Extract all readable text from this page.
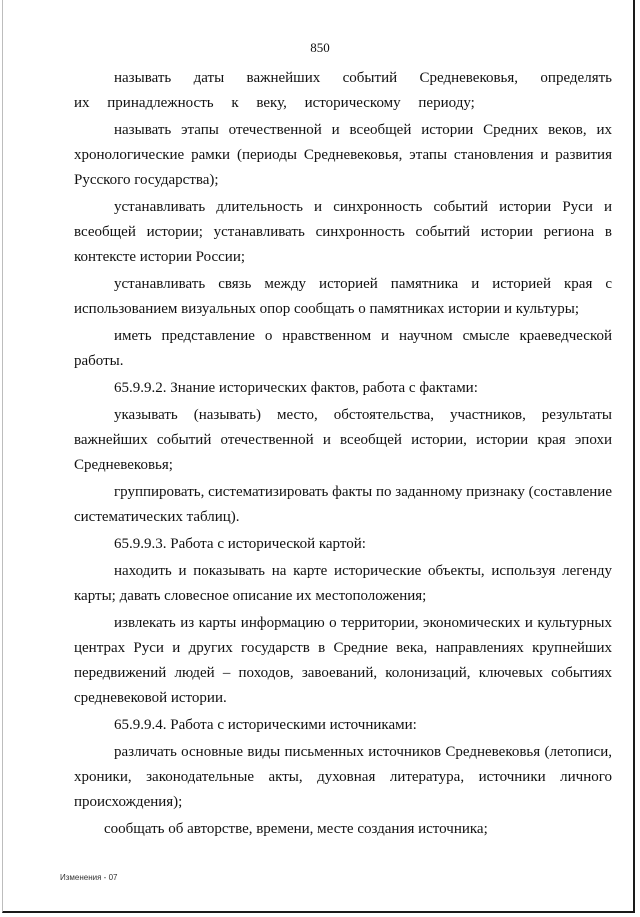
850

называть даты важнейших событий Средневековья, определять их принадлежность к веку, историческому периоду;

называть этапы отечественной и всеобщей истории Средних веков, их хронологические рамки (периоды Средневековья, этапы становления и развития Русского государства);

устанавливать длительность и синхронность событий истории Руси и всеобщей истории; устанавливать синхронность событий истории региона в контексте истории России;

устанавливать связь между историей памятника и историей края с использованием визуальных опор сообщать о памятниках истории и культуры;

иметь представление о нравственном и научном смысле краеведческой работы.

65.9.9.2. Знание исторических фактов, работа с фактами:

указывать (называть) место, обстоятельства, участников, результаты важнейших событий отечественной и всеобщей истории, истории края эпохи Средневековья;

группировать, систематизировать факты по заданному признаку (составление систематических таблиц).

65.9.9.3. Работа с исторической картой:

находить и показывать на карте исторические объекты, используя легенду карты; давать словесное описание их местоположения;

извлекать из карты информацию о территории, экономических и культурных центрах Руси и других государств в Средние века, направлениях крупнейших передвижений людей – походов, завоеваний, колонизаций, ключевых событиях средневековой истории.

65.9.9.4. Работа с историческими источниками:

различать основные виды письменных источников Средневековья (летописи, хроники, законодательные акты, духовная литература, источники личного происхождения);

сообщать об авторстве, времени, месте создания источника;

Изменения - 07
